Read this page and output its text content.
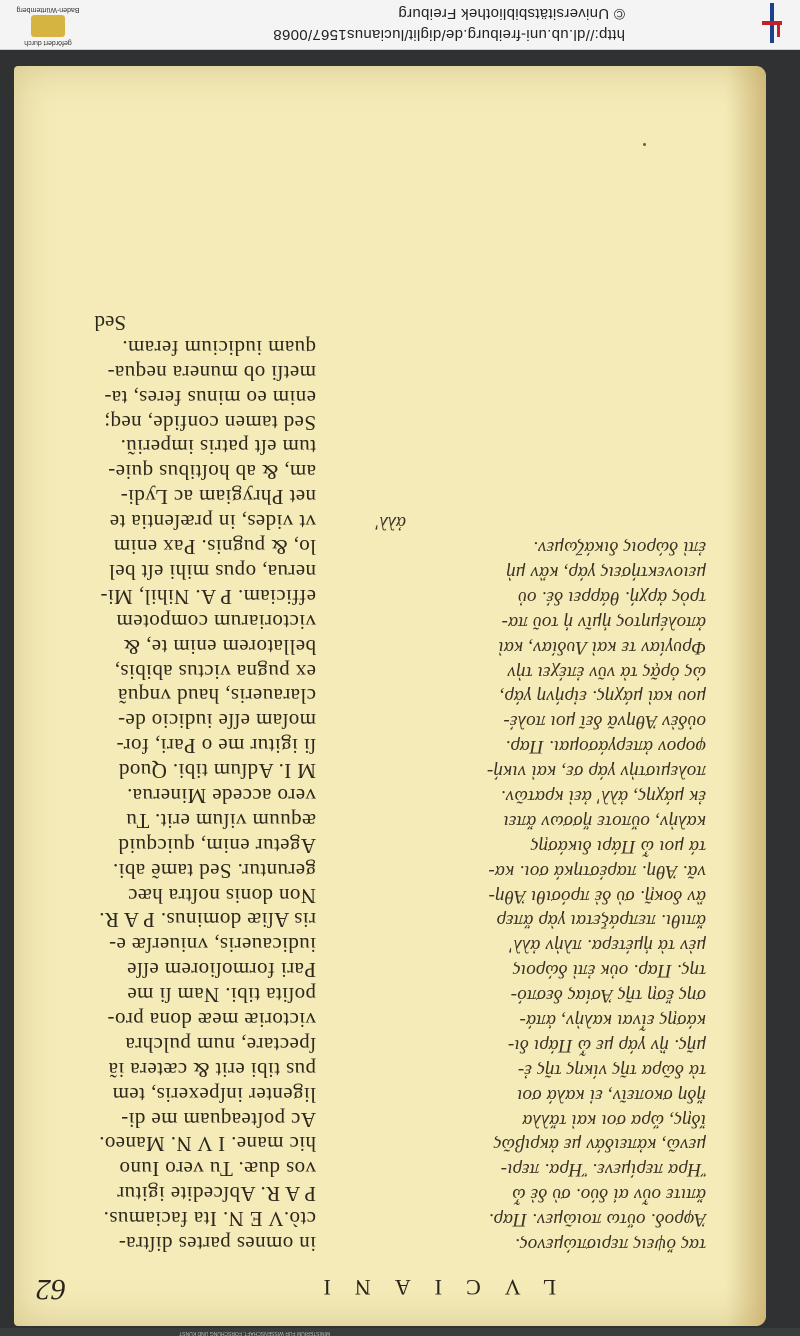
MINISTERIUM FÜR WISSENSCHAFT, FORSCHUNG UND KUNST
LVCIANI
62
τας ὄψεις περισπώμενος.
Ἀφροδ. οὕτω ποιῶμεν. Παρ.
ἄπιτε οὖν αἱ δύο. σὺ δὲ ὦ
Ἥρα περίμενε. Ἥρα. περι-
μενῶ, κἀπειδάν με ἀκριβῶς
ἴδῃς, ὥρα σοι καὶ τἄλλα
ἤδη σκοπεῖν, εἰ καλά σοι
τὰ δῶρα τῆς νίκης τῆς ἐ-
μῆς. ἢν γάρ με ὦ Πάρι δι-
κάσῃς εἶναι καλὴν, ἁπά-
σης ἔσῃ τῆς Ἀσίας δεσπό-
της. Παρ. οὐκ ἐπὶ δώροις
μὲν τὰ ἡμέτερα. πλὴν ἀλλ'
ἄπιθι. πεπράξεται γὰρ ἅπερ
ἂν δοκῇ. σὺ δὲ πρόσιθι Ἀθη-
νᾶ. Ἀθη. παρέστηκά σοι. κα-
τά μοι ὦ Πάρι δικάσῃς
καλὴν, οὔποτε ἥσσων ἄπει
ἐκ μάχης, ἀλλ' ἀεὶ κρατῶν.
πολεμιστὴν γάρ σε, καὶ νική-
φορον ἀπεργάσομαι. Παρ.
οὐδὲν Ἀθηνᾶ δεῖ μοι πολέ-
μου καὶ μάχης. εἰρήνη γάρ,
ὡς ὁρᾷς τὰ νῦν ἐπέχει τὴν
Φρυγίαν τε καὶ Λυδίαν, καὶ
ἀπολέμητος ἡμῖν ἡ τοῦ πα-
τρὸς ἀρχή. θάρρει δέ. οὐ
μειονεκτήσεις γάρ, κἂν μὴ
ἐπὶ δώροις δικάζωμεν.
ἀλλ'
in omnes partes diſtra-
ctò.V E N. Ita faciamus.
P A R. Abſcedite igitur
vos duæ. Tu vero Iuno
hic mane. I V N. Maneo.
Ac poſteaquam me di-
ligenter inſpexeris, tem
pus tibi erit & cætera iã
ſpectare, num pulchra
victoriæ meæ dona pro-
poſita tibi. Nam ſi me
Pari formoſiorem eſſe
iudicaueris, vniuerſæ e-
ris Aſiæ dominus. P A R.
Non donis noſtra hæc
geruntur. Sed tamẽ abi.
Agetur enim, quicquid
æquum viſum erit. Tu
vero accede Minerua.
M I. Adſum tibi. Quod
ſi igitur me o Pari, for-
moſam eſſe iudicio de-
claraueris, haud vnquã
ex pugna victus abibis,
bellatorem enim te, &
victoriarum compotem
efficiam. P A. Nihil, Mi-
nerua, opus mihi eſt bel
lo, & pugnis. Pax enim
vt vides, in præſentia te
net Phrygiam ac Lydi-
am, & ab hoſtibus quie-
tum eſt patris imperiũ.
Sed tamen confide, neq;
enim eo minus feres, ta-
metſi ob munera nequa-
quam iudicium feram.
Sed
http://dl.ub.uni-freiburg.de/diglit/lucianus1567/0068
© Universitätsbibliothek Freiburg
gefördert durch
Baden-Württemberg
